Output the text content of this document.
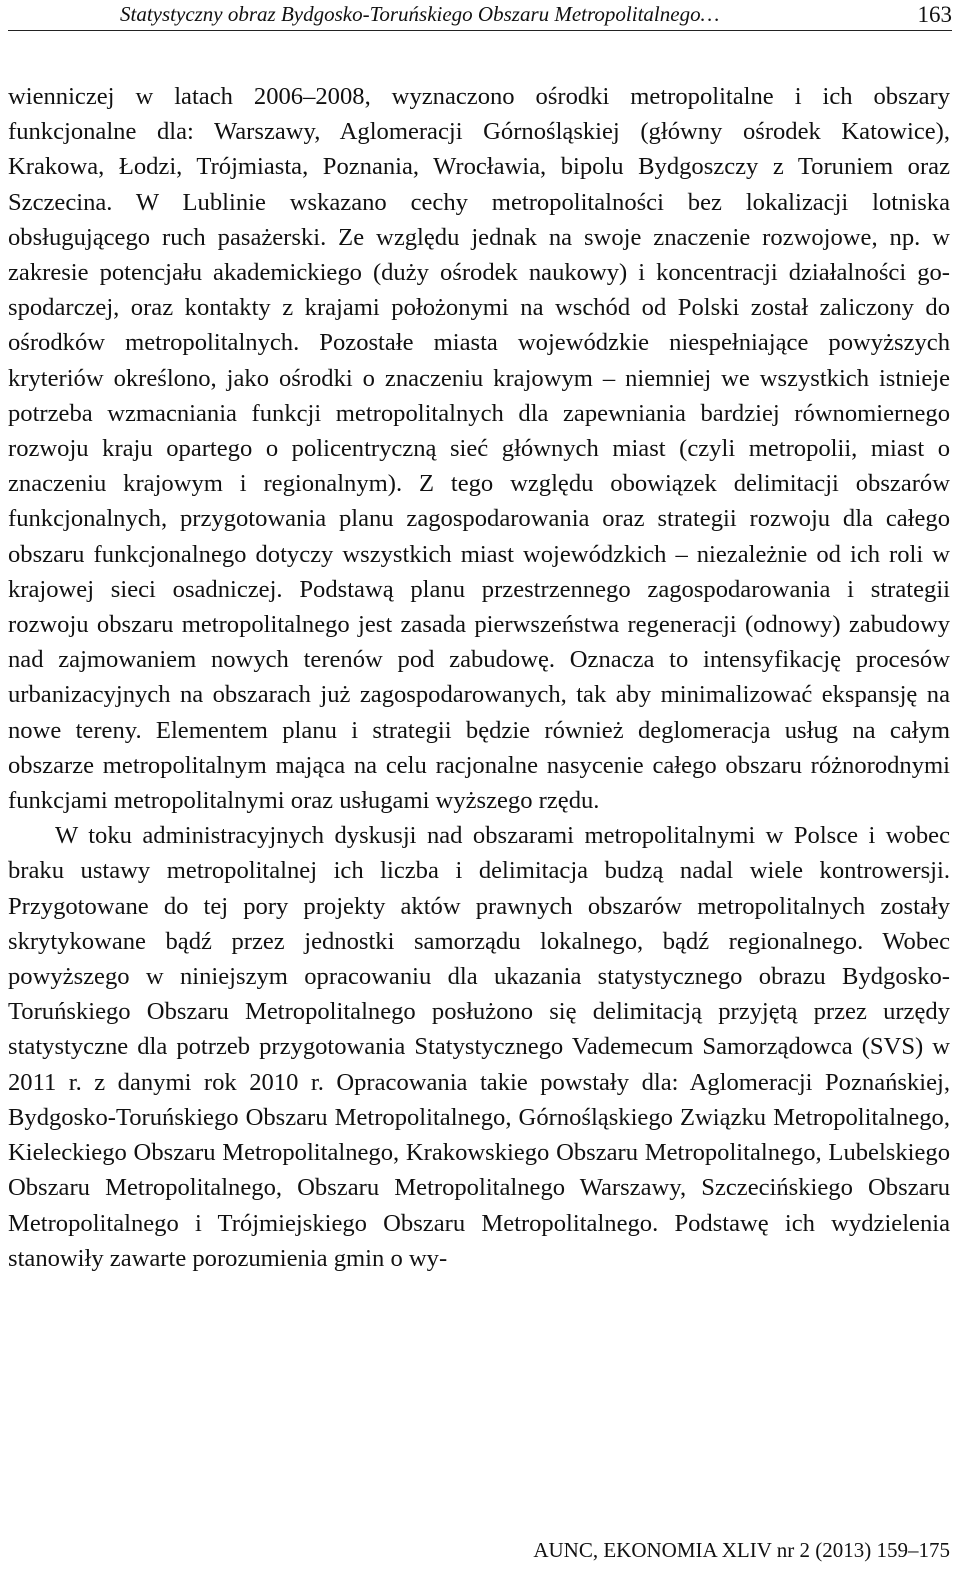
Statystyczny obraz Bydgosko-Toruńskiego Obszaru Metropolitalnego…	163

wienniczej w latach 2006–2008, wyznaczono ośrodki metropolitalne i ich obszary funkcjonalne dla: Warszawy, Aglomeracji Górnośląskiej (główny ośrodek Katowice), Krakowa, Łodzi, Trójmiasta, Poznania, Wrocławia, bipolu Bydgoszczy z Toruniem oraz Szczecina. W Lublinie wskazano cechy metropolitalności bez lokalizacji lotniska obsługującego ruch pasażerski. Ze względu jednak na swoje znaczenie rozwojowe, np. w zakresie potencjału akademickiego (duży ośrodek naukowy) i koncentracji działalności gospodarczej, oraz kontakty z krajami położonymi na wschód od Polski został zaliczony do ośrodków metropolitalnych. Pozostałe miasta wojewódzkie niespełniające powyższych kryteriów określono, jako ośrodki o znaczeniu krajowym – niemniej we wszystkich istnieje potrzeba wzmacniania funkcji metropolitalnych dla zapewniania bardziej równomiernego rozwoju kraju opartego o policentryczną sieć głównych miast (czyli metropolii, miast o znaczeniu krajowym i regionalnym). Z tego względu obowiązek delimitacji obszarów funkcjonalnych, przygotowania planu zagospodarowania oraz strategii rozwoju dla całego obszaru funkcjonalnego dotyczy wszystkich miast wojewódzkich – niezależnie od ich roli w krajowej sieci osadniczej. Podstawą planu przestrzennego zagospodarowania i strategii rozwoju obszaru metropolitalnego jest zasada pierwszeństwa regeneracji (odnowy) zabudowy nad zajmowaniem nowych terenów pod zabudowę. Oznacza to intensyfikację procesów urbanizacyjnych na obszarach już zagospodarowanych, tak aby minimalizować ekspansję na nowe tereny. Elementem planu i strategii będzie również deglomeracja usług na całym obszarze metropolitalnym mająca na celu racjonalne nasycenie całego obszaru różnorodnymi funkcjami metropolitalnymi oraz usługami wyższego rzędu.

W toku administracyjnych dyskusji nad obszarami metropolitalnymi w Polsce i wobec braku ustawy metropolitalnej ich liczba i delimitacja budzą nadal wiele kontrowersji. Przygotowane do tej pory projekty aktów prawnych obszarów metropolitalnych zostały skrytykowane bądź przez jednostki samorządu lokalnego, bądź regionalnego. Wobec powyższego w niniejszym opracowaniu dla ukazania statystycznego obrazu Bydgosko-Toruńskiego Obszaru Metropolitalnego posłużono się delimitacją przyjętą przez urzędy statystyczne dla potrzeb przygotowania Statystycznego Vademecum Samorządowca (SVS) w 2011 r. z danymi rok 2010 r. Opracowania takie powstały dla: Aglomeracji Poznańskiej, Bydgosko-Toruńskiego Obszaru Metropolitalnego, Górnośląskiego Związku Metropolitalnego, Kieleckiego Obszaru Metropolitalnego, Krakowskiego Obszaru Metropolitalnego, Lubelskiego Obszaru Metropolitalnego, Obszaru Metropolitalnego Warszawy, Szczecińskiego Obszaru Metropolitalnego i Trójmiejskiego Obszaru Metropolitalnego. Podstawę ich wydzielenia stanowiły zawarte porozumienia gmin o wy-

AUNC, EKONOMIA XLIV nr 2 (2013) 159–175
